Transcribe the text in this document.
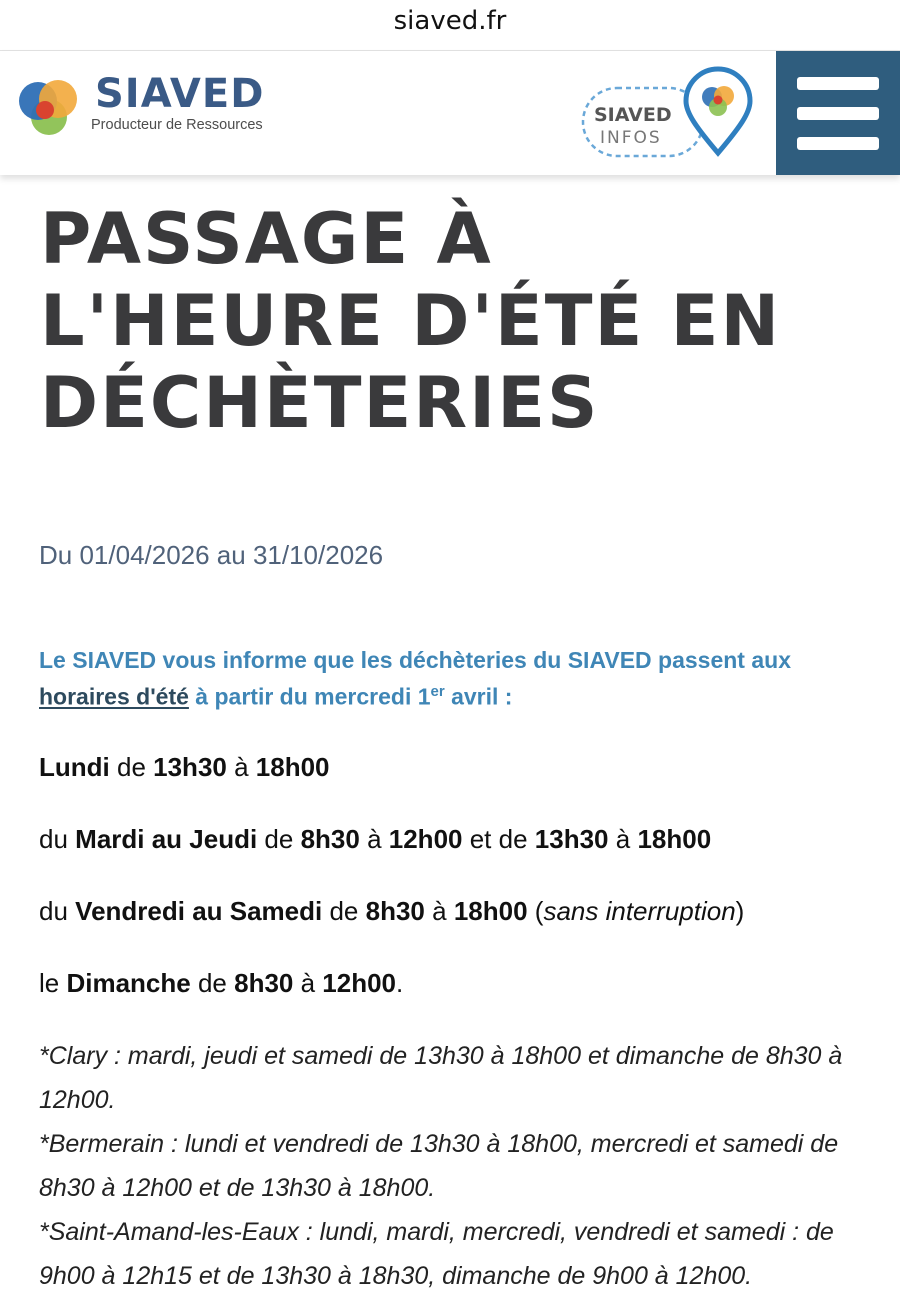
siaved.fr
SIAVED
Producteur de Ressources	SIAVED
INFOS
PASSAGE À L'HEURE D'ÉTÉ EN DÉCHÈTERIES
Du 01/04/2026 au 31/10/2026
Le SIAVED vous informe que les déchèteries du SIAVED passent aux horaires d'été à partir du mercredi 1er avril :
Lundi de 13h30 à 18h00
du Mardi au Jeudi de 8h30 à 12h00 et de 13h30 à 18h00
du Vendredi au Samedi de 8h30 à 18h00 (sans interruption)
le Dimanche de 8h30 à 12h00.

*Clary : mardi, jeudi et samedi de 13h30 à 18h00 et dimanche de 8h30 à 12h00.

*Bermerain : lundi et vendredi de 13h30 à 18h00, mercredi et samedi de 8h30 à 12h00 et de 13h30 à 18h00.

*Saint-Amand-les-Eaux : lundi, mardi, mercredi, vendredi et samedi : de 9h00 à 12h15 et de 13h30 à 18h30, dimanche de 9h00 à 12h00.
